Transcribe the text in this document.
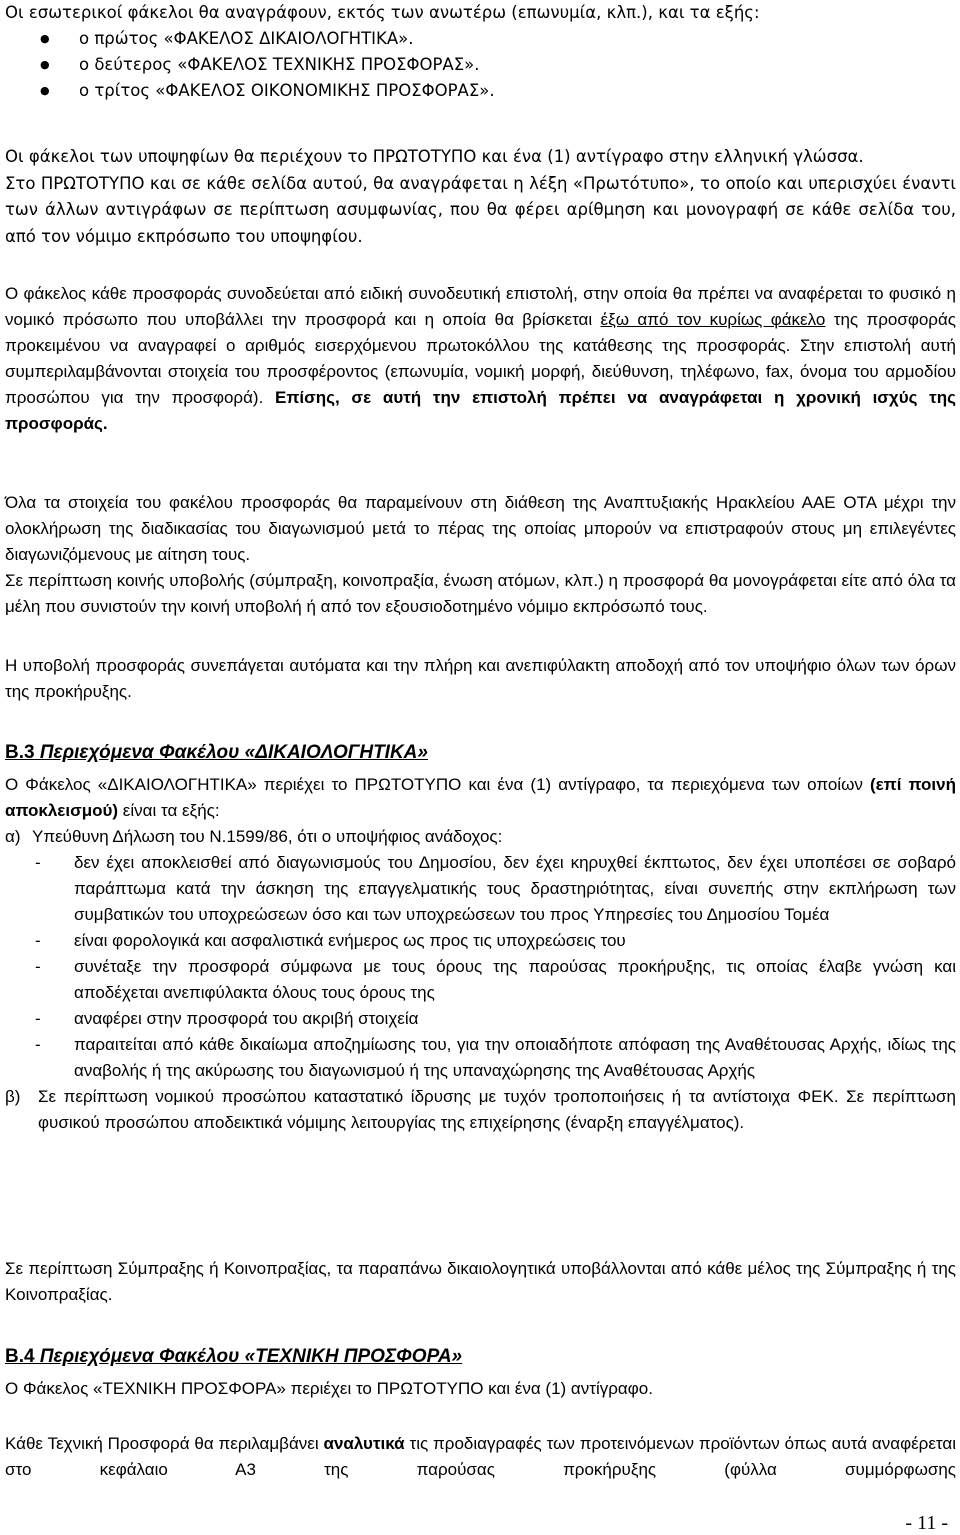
Οι εσωτερικοί φάκελοι θα αναγράφουν, εκτός των ανωτέρω (επωνυμία, κλπ.), και τα εξής:

● ο πρώτος «ΦΑΚΕΛΟΣ ΔΙΚΑΙΟΛΟΓΗΤΙΚΑ».
● ο δεύτερος «ΦΑΚΕΛΟΣ ΤΕΧΝΙΚΗΣ ΠΡΟΣΦΟΡΑΣ».
● ο τρίτος «ΦΑΚΕΛΟΣ ΟΙΚΟΝΟΜΙΚΗΣ ΠΡΟΣΦΟΡΑΣ».

Οι φάκελοι των υποψηφίων θα περιέχουν το ΠΡΩΤΟΤΥΠΟ και ένα (1) αντίγραφο στην ελληνική γλώσσα.

Στο ΠΡΩΤΟΤΥΠΟ και σε κάθε σελίδα αυτού, θα αναγράφεται η λέξη «Πρωτότυπο», το οποίο και υπερισχύει έναντι των άλλων αντιγράφων σε περίπτωση ασυμφωνίας, που θα φέρει αρίθμηση και μονογραφή σε κάθε σελίδα του, από τον νόμιμο εκπρόσωπο του υποψηφίου.

Ο φάκελος κάθε προσφοράς συνοδεύεται από ειδική συνοδευτική επιστολή, στην οποία θα πρέπει να αναφέρεται το φυσικό η νομικό πρόσωπο που υποβάλλει την προσφορά και η οποία θα βρίσκεται έξω από τον κυρίως φάκελο της προσφοράς προκειμένου να αναγραφεί ο αριθμός εισερχόμενου πρωτοκόλλου της κατάθεσης της προσφοράς. Στην επιστολή αυτή συμπεριλαμβάνονται στοιχεία του προσφέροντος (επωνυμία, νομική μορφή, διεύθυνση, τηλέφωνο, fax, όνομα του αρμοδίου προσώπου για την προσφορά). Επίσης, σε αυτή την επιστολή πρέπει να αναγράφεται η χρονική ισχύς της προσφοράς.

Όλα τα στοιχεία του φακέλου προσφοράς θα παραμείνουν στη διάθεση της Αναπτυξιακής Ηρακλείου ΑΑΕ ΟΤΑ μέχρι την ολοκλήρωση της διαδικασίας του διαγωνισμού μετά το πέρας της οποίας μπορούν να επιστραφούν στους μη επιλεγέντες διαγωνιζόμενους με αίτηση τους.

Σε περίπτωση κοινής υποβολής (σύμπραξη, κοινοπραξία, ένωση ατόμων, κλπ.) η προσφορά θα μονογράφεται είτε από όλα τα μέλη που συνιστούν την κοινή υποβολή ή από τον εξουσιοδοτημένο νόμιμο εκπρόσωπό τους.

Η υποβολή προσφοράς συνεπάγεται αυτόματα και την πλήρη και ανεπιφύλακτη αποδοχή από τον υποψήφιο όλων των όρων της προκήρυξης.

Β.3 Περιεχόμενα Φακέλου «ΔΙΚΑΙΟΛΟΓΗΤΙΚΑ»

Ο Φάκελος «ΔΙΚΑΙΟΛΟΓΗΤΙΚΑ» περιέχει το ΠΡΩΤΟΤΥΠΟ και ένα (1) αντίγραφο, τα περιεχόμενα των οποίων (επί ποινή αποκλεισμού) είναι τα εξής:

α) Υπεύθυνη Δήλωση του Ν.1599/86, ότι ο υποψήφιος ανάδοχος:

- δεν έχει αποκλεισθεί από διαγωνισμούς του Δημοσίου, δεν έχει κηρυχθεί έκπτωτος, δεν έχει υποπέσει σε σοβαρό παράπτωμα κατά την άσκηση της επαγγελματικής τους δραστηριότητας, είναι συνεπής στην εκπλήρωση των συμβατικών του υποχρεώσεων όσο και των υποχρεώσεων του προς Υπηρεσίες του Δημοσίου Τομέα
- είναι φορολογικά και ασφαλιστικά ενήμερος ως προς τις υποχρεώσεις του
- συνέταξε την προσφορά σύμφωνα με τους όρους της παρούσας προκήρυξης, τις οποίας έλαβε γνώση και αποδέχεται ανεπιφύλακτα όλους τους όρους της
- αναφέρει στην προσφορά του ακριβή στοιχεία
- παραιτείται από κάθε δικαίωμα αποζημίωσης του, για την οποιαδήποτε απόφαση της Αναθέτουσας Αρχής, ιδίως της αναβολής ή της ακύρωσης του διαγωνισμού ή της υπαναχώρησης της Αναθέτουσας Αρχής

β) Σε περίπτωση νομικού προσώπου καταστατικό ίδρυσης με τυχόν τροποποιήσεις ή τα αντίστοιχα ΦΕΚ. Σε περίπτωση φυσικού προσώπου αποδεικτικά νόμιμης λειτουργίας της επιχείρησης (έναρξη επαγγέλματος).

Σε περίπτωση Σύμπραξης ή Κοινοπραξίας, τα παραπάνω δικαιολογητικά υποβάλλονται από κάθε μέλος της Σύμπραξης ή της Κοινοπραξίας.

Β.4 Περιεχόμενα Φακέλου «ΤΕΧΝΙΚΗ ΠΡΟΣΦΟΡΑ»

Ο Φάκελος «ΤΕΧΝΙΚΗ ΠΡΟΣΦΟΡΑ» περιέχει το ΠΡΩΤΟΤΥΠΟ και ένα (1) αντίγραφο.

Κάθε Τεχνική Προσφορά θα περιλαμβάνει αναλυτικά τις προδιαγραφές των προτεινόμενων προϊόντων όπως αυτά αναφέρεται στο κεφάλαιο Α3 της παρούσας προκήρυξης (φύλλα συμμόρφωσης

- 11 -
